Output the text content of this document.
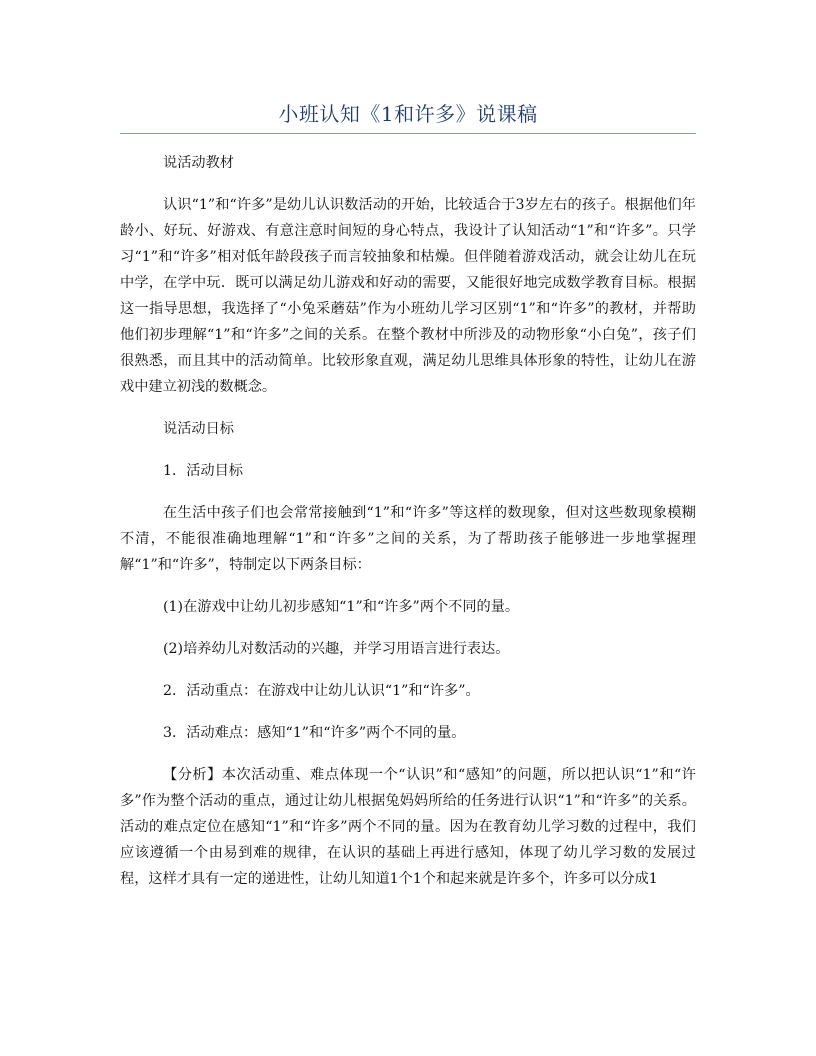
小班认知《1和许多》说课稿

说活动教材

认识“1”和“许多”是幼儿认识数活动的开始，比较适合于3岁左右的孩子。根据他们年龄小、好玩、好游戏、有意注意时间短的身心特点，我设计了认知活动“1”和“许多”。只学习“1”和“许多”相对低年龄段孩子而言较抽象和枯燥。但伴随着游戏活动，就会让幼儿在玩中学，在学中玩．既可以满足幼儿游戏和好动的需要，又能很好地完成数学教育目标。根据这一指导思想，我选择了“小兔采蘑菇”作为小班幼儿学习区别“1”和“许多”的教材，并帮助他们初步理解“1”和“许多”之间的关系。在整个教材中所涉及的动物形象“小白兔”，孩子们很熟悉，而且其中的活动简单。比较形象直观，满足幼儿思维具体形象的特性，让幼儿在游戏中建立初浅的数概念。

说活动日标

1．活动目标

在生活中孩子们也会常常接触到“1”和“许多”等这样的数现象，但对这些数现象模糊不清，不能很准确地理解“1”和“许多”之间的关系，为了帮助孩子能够进一步地掌握理解“1”和“许多”，特制定以下两条目标：

(1)在游戏中让幼儿初步感知“1”和“许多”两个不同的量。

(2)培养幼儿对数活动的兴趣，并学习用语言进行表达。

2．活动重点：在游戏中让幼儿认识“1”和“许多”。

3．活动难点：感知“1”和“许多”两个不同的量。

【分析】本次活动重、难点体现一个“认识”和“感知”的问题，所以把认识“1”和“许多”作为整个活动的重点，通过让幼儿根据兔妈妈所给的任务进行认识“1”和“许多”的关系。活动的难点定位在感知“1”和“许多”两个不同的量。因为在教育幼儿学习数的过程中，我们应该遵循一个由易到难的规律，在认识的基础上再进行感知，体现了幼儿学习数的发展过程，这样才具有一定的递进性，让幼儿知道1个1个和起来就是许多个，许多可以分成1
